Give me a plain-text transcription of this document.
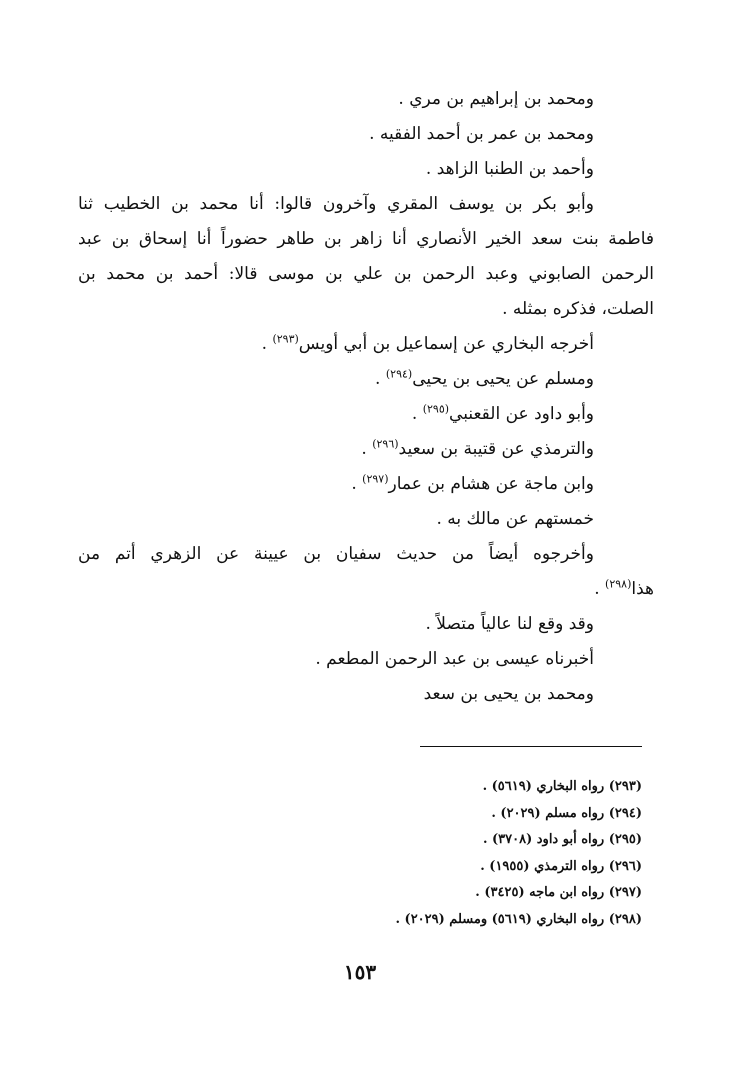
ومحمد بن إبراهيم بن مري .
ومحمد بن عمر بن أحمد الفقيه .
وأحمد بن الطنبا الزاهد .
وأبو بكر بن يوسف المقري وآخرون قالوا: أنا محمد بن الخطيب ثنا
فاطمة بنت سعد الخير الأنصاري أنا زاهر بن طاهر حضوراً أنا إسحاق بن عبد
الرحمن الصابوني وعبد الرحمن بن علي بن موسى قالا: أحمد بن محمد بن
الصلت، فذكره بمثله .
أخرجه البخاري عن إسماعيل بن أبي أويس$^{(٢٩٣)}$ .
ومسلم عن يحيى بن يحيى$^{(٢٩٤)}$ .
وأبو داود عن القعنبي$^{(٢٩٥)}$ .
والترمذي عن قتيبة بن سعيد$^{(٢٩٦)}$ .
وابن ماجة عن هشام بن عمار$^{(٢٩٧)}$ .
خمستهم عن مالك به .
وأخرجوه أيضاً من حديث سفيان بن عيينة عن الزهري أتم من
هذا$^{(٢٩٨)}$ .
وقد وقع لنا عالياً متصلاً .
أخبرناه عيسى بن عبد الرحمن المطعم .
ومحمد بن يحيى بن سعد
(٢٩٣) رواه البخاري (٥٦١٩) .
(٢٩٤) رواه مسلم (٢٠٢٩) .
(٢٩٥) رواه أبو داود (٣٧٠٨) .
(٢٩٦) رواه الترمذي (١٩٥٥) .
(٢٩٧) رواه ابن ماجه (٣٤٢٥) .
(٢٩٨) رواه البخاري (٥٦١٩) ومسلم (٢٠٢٩) .
١٥٣
